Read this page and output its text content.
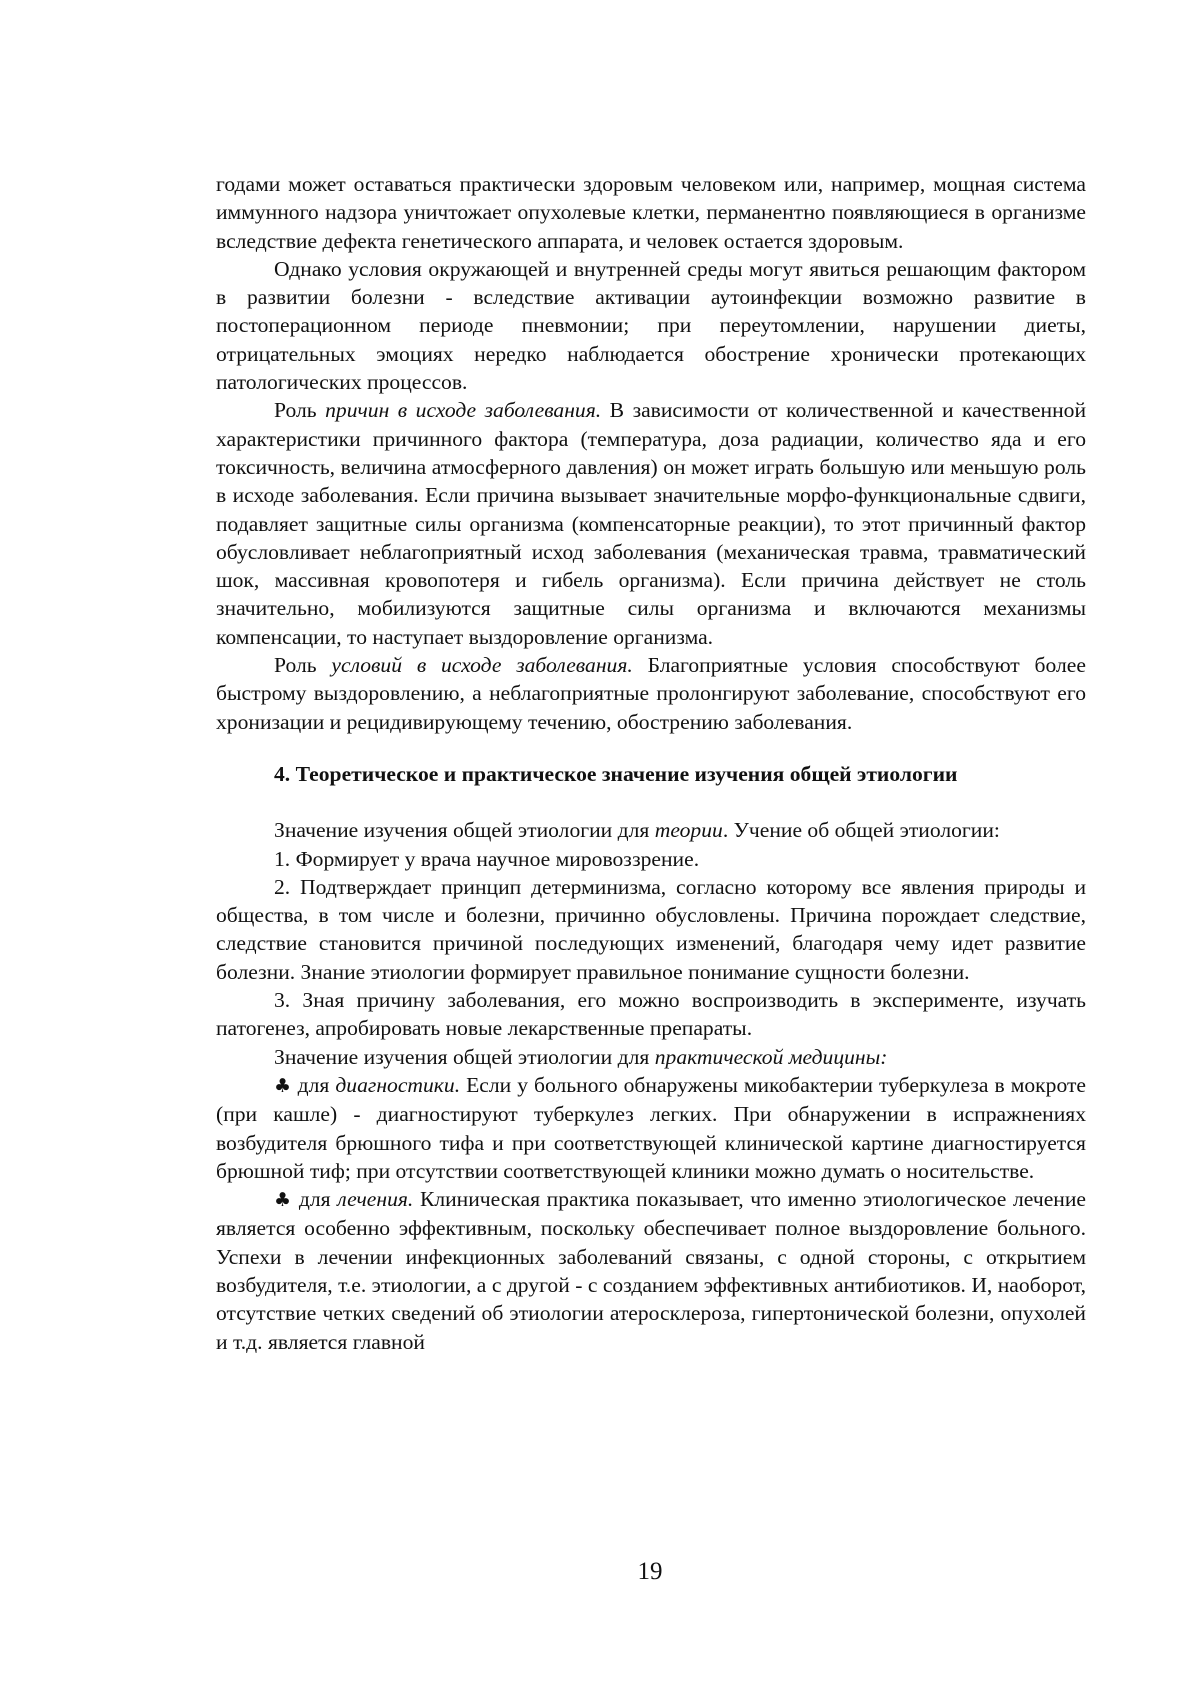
годами может оставаться практически здоровым человеком или, например, мощная система иммунного надзора уничтожает опухолевые клетки, перманентно появляющиеся в организме вследствие дефекта генетического аппарата, и человек остается здоровым.

Однако условия окружающей и внутренней среды могут явиться решающим фактором в развитии болезни - вследствие активации аутоинфекции возможно развитие в постоперационном периоде пневмонии; при переутомлении, нарушении диеты, отрицательных эмоциях нередко наблюдается обострение хронически протекающих патологических процессов.

Роль причин в исходе заболевания. В зависимости от количественной и качественной характеристики причинного фактора (температура, доза радиации, количество яда и его токсичность, величина атмосферного давления) он может играть большую или меньшую роль в исходе заболевания. Если причина вызывает значительные морфо-функциональные сдвиги, подавляет защитные силы организма (компенсаторные реакции), то этот причинный фактор обусловливает неблагоприятный исход заболевания (механическая травма, травматический шок, массивная кровопотеря и гибель организма). Если причина действует не столь значительно, мобилизуются защитные силы организма и включаются механизмы компенсации, то наступает выздоровление организма.

Роль условий в исходе заболевания. Благоприятные условия способствуют более быстрому выздоровлению, а неблагоприятные пролонгируют заболевание, способствуют его хронизации и рецидивирующему течению, обострению заболевания.

4. Теоретическое и практическое значение изучения общей этиологии

Значение изучения общей этиологии для теории. Учение об общей этиологии:

1. Формирует у врача научное мировоззрение.

2. Подтверждает принцип детерминизма, согласно которому все явления природы и общества, в том числе и болезни, причинно обусловлены. Причина порождает следствие, следствие становится причиной последующих изменений, благодаря чему идет развитие болезни. Знание этиологии формирует правильное понимание сущности болезни.

3. Зная причину заболевания, его можно воспроизводить в эксперименте, изучать патогенез, апробировать новые лекарственные препараты.

Значение изучения общей этиологии для практической медицины:

♣ для диагностики. Если у больного обнаружены микобактерии туберкулеза в мокроте (при кашле) - диагностируют туберкулез легких. При обнаружении в испражнениях возбудителя брюшного тифа и при соответствующей клинической картине диагностируется брюшной тиф; при отсутствии соответствующей клиники можно думать о носительстве.

♣ для лечения. Клиническая практика показывает, что именно этиологическое лечение является особенно эффективным, поскольку обеспечивает полное выздоровление больного. Успехи в лечении инфекционных заболеваний связаны, с одной стороны, с открытием возбудителя, т.е. этиологии, а с другой - с созданием эффективных антибиотиков. И, наоборот, отсутствие четких сведений об этиологии атеросклероза, гипертонической болезни, опухолей и т.д. является главной

19
